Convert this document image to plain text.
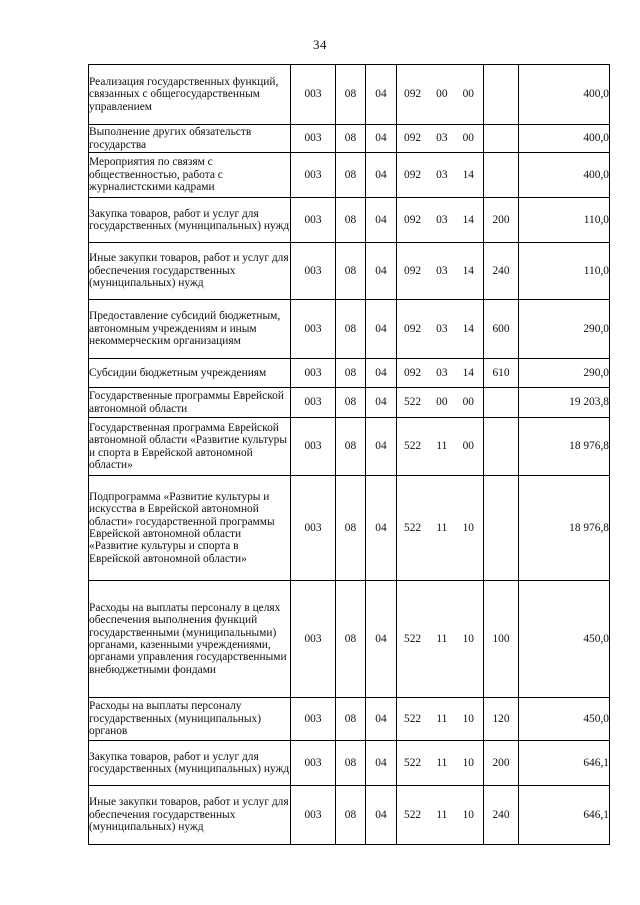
34
Реализация государственных функций, связанных с общегосударственным управлением	003	08	04	092 00 00		400,0
Выполнение других обязательств государства	003	08	04	092 03 00		400,0
Мероприятия по связям с общественностью, работа с журналистскими кадрами	003	08	04	092 03 14		400,0
Закупка товаров, работ и услуг для государственных (муниципальных) нужд	003	08	04	092 03 14	200	110,0
Иные закупки товаров, работ и услуг для обеспечения государственных (муниципальных) нужд	003	08	04	092 03 14	240	110,0
Предоставление субсидий бюджетным, автономным учреждениям и иным некоммерческим организациям	003	08	04	092 03 14	600	290,0
Субсидии бюджетным учреждениям	003	08	04	092 03 14	610	290,0
Государственные программы Еврейской автономной области	003	08	04	522 00 00		19 203,8
Государственная программа Еврейской автономной области «Развитие культуры и спорта в Еврейской автономной области»	003	08	04	522 11 00		18 976,8
Подпрограмма «Развитие культуры и искусства в Еврейской автономной области» государственной программы Еврейской автономной области «Развитие культуры и спорта в Еврейской автономной области»	003	08	04	522 11 10		18 976,8
Расходы на выплаты персоналу в целях обеспечения выполнения функций государственными (муниципальными) органами, казенными учреждениями, органами управления государственными внебюджетными фондами	003	08	04	522 11 10	100	450,0
Расходы на выплаты персоналу государственных (муниципальных) органов	003	08	04	522 11 10	120	450,0
Закупка товаров, работ и услуг для государственных (муниципальных) нужд	003	08	04	522 11 10	200	646,1
Иные закупки товаров, работ и услуг для обеспечения государственных (муниципальных) нужд	003	08	04	522 11 10	240	646,1
